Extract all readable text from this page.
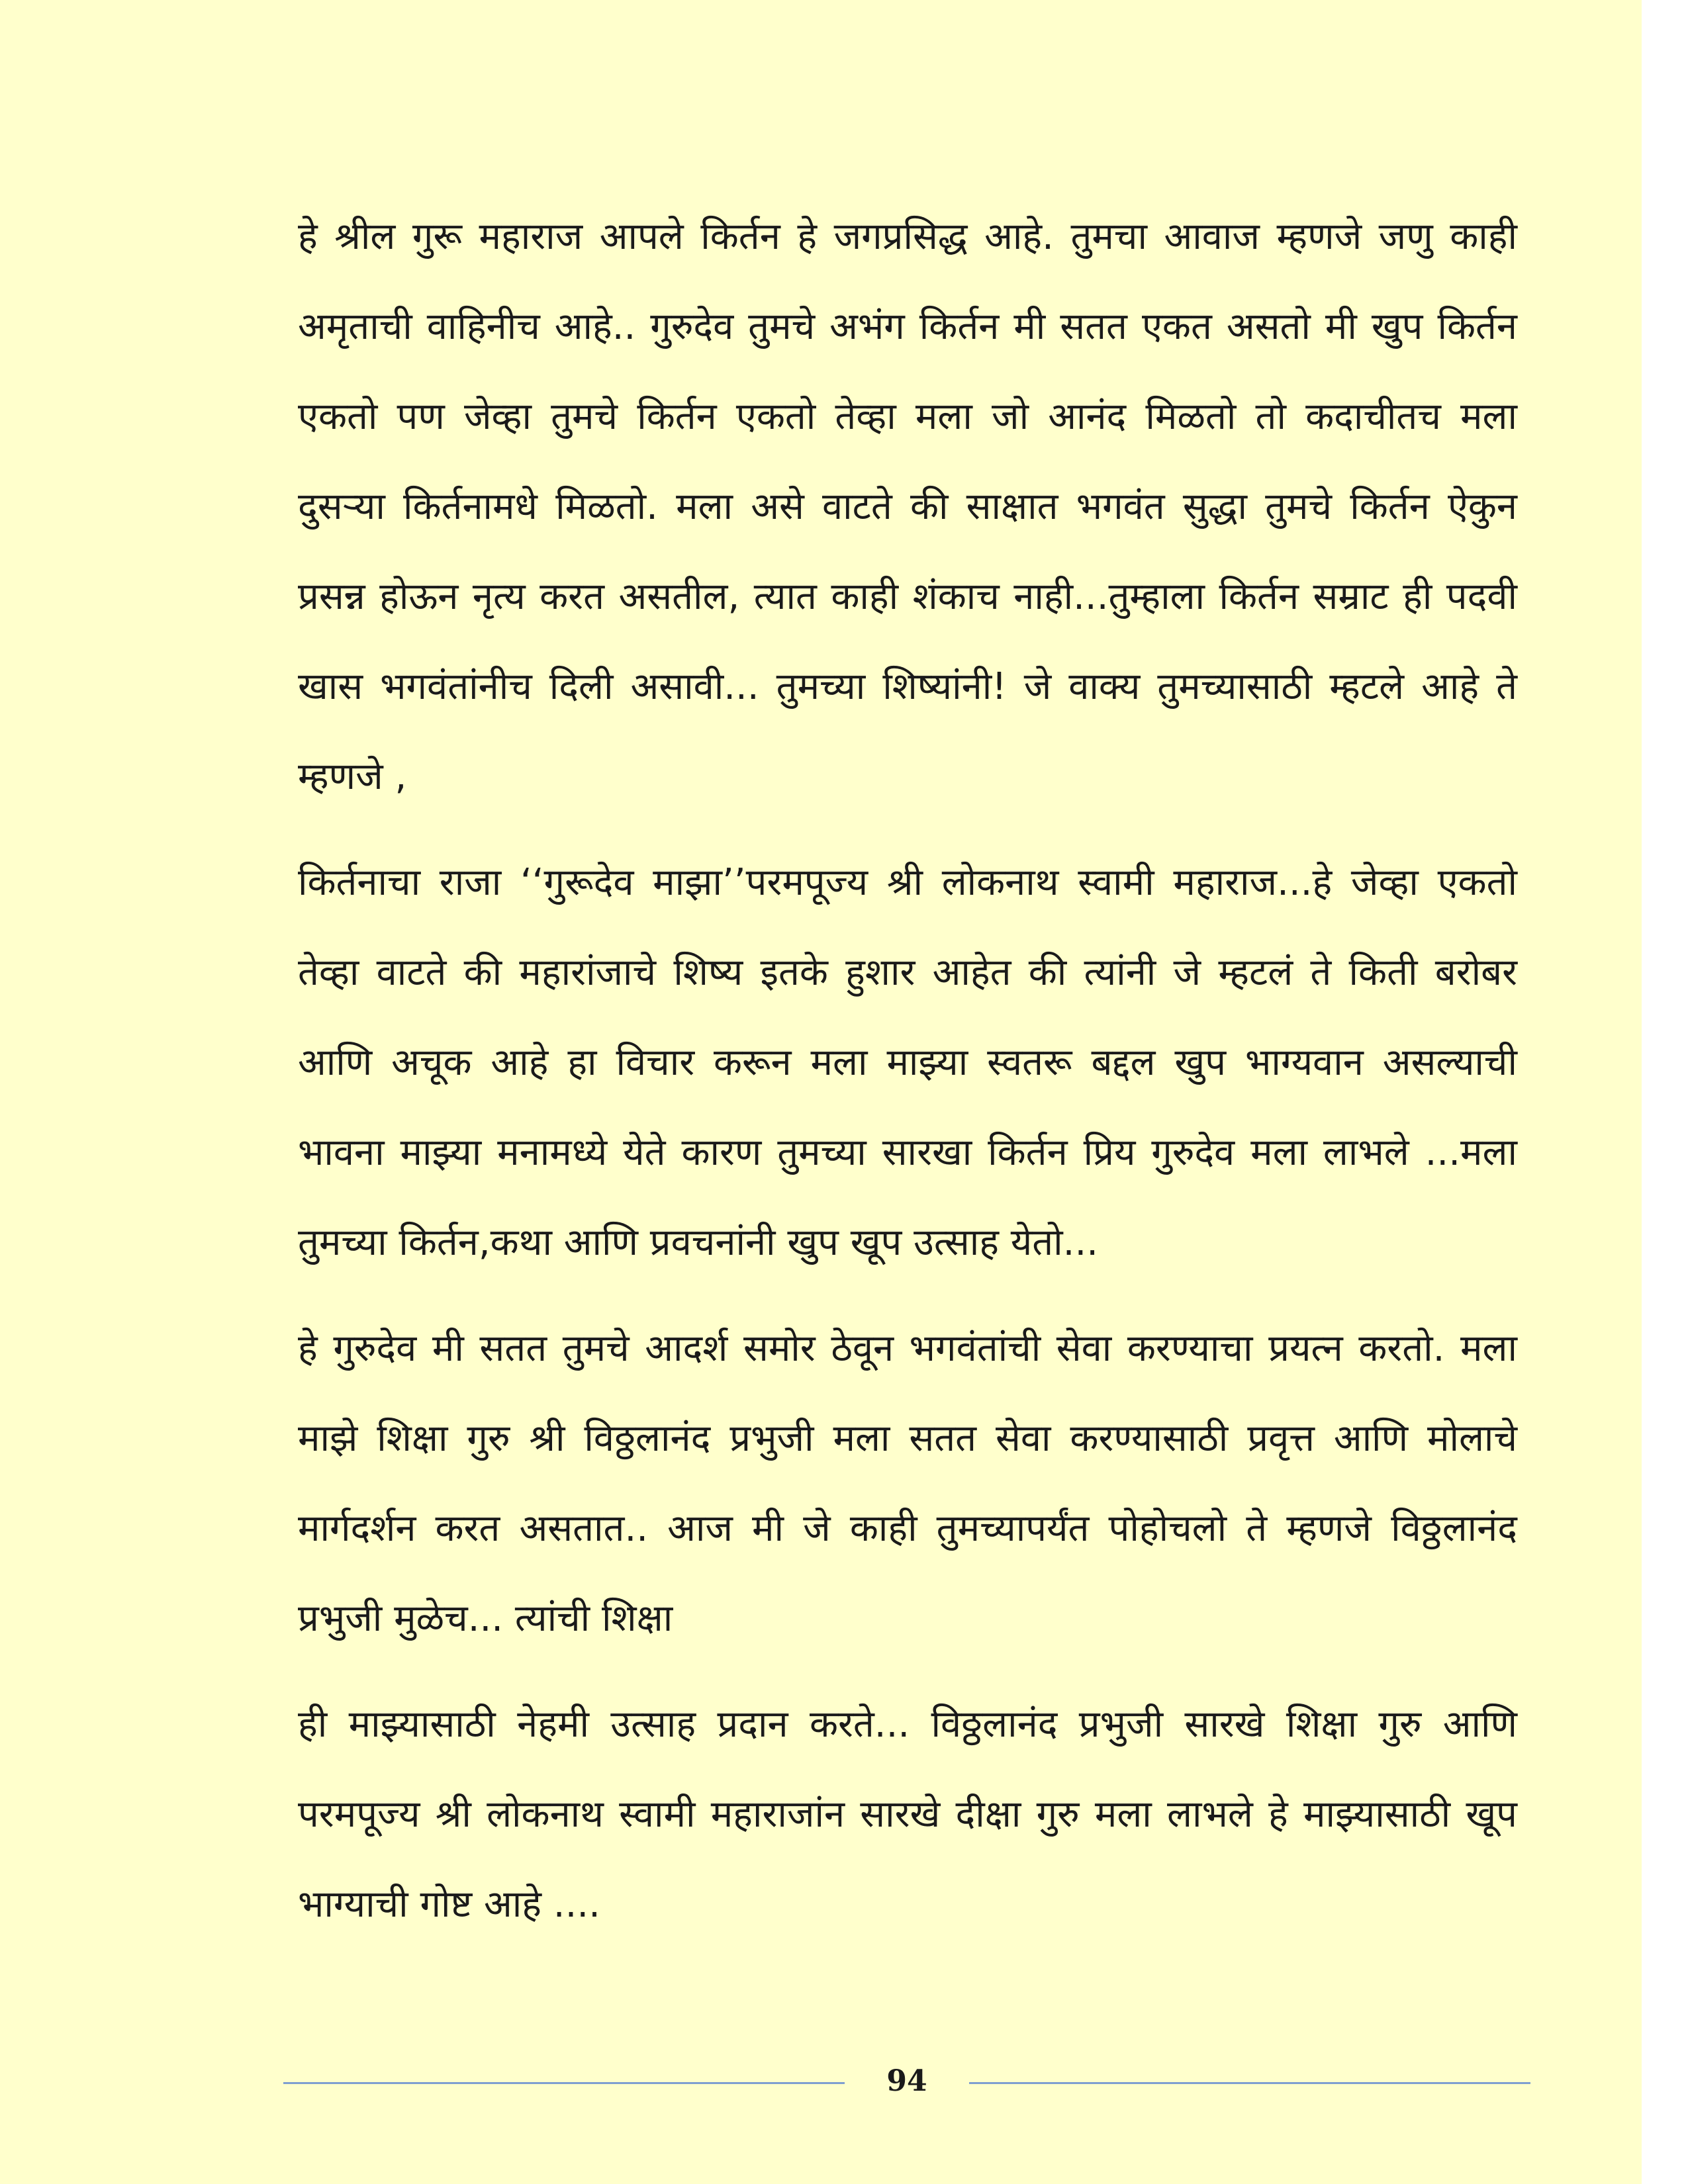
हे श्रील गुरू महाराज आपले किर्तन हे जगप्रसिद्ध आहे. तुमचा आवाज म्हणजे जणु काही अमृताची वाहिनीच आहे.. गुरुदेव तुमचे अभंग किर्तन मी सतत एकत असतो मी खुप किर्तन एकतो पण जेव्हा तुमचे किर्तन एकतो तेव्हा मला जो आनंद मिळतो तो कदाचीतच मला दुसऱ्या किर्तनामधे मिळतो. मला असे वाटते की साक्षात भगवंत सुद्धा तुमचे किर्तन ऐकुन प्रसन्न होऊन नृत्य करत असतील, त्यात काही शंकाच नाही...तुम्हाला किर्तन सम्राट ही पदवी खास भगवंतांनीच दिली असावी... तुमच्या शिष्यांनी! जे वाक्य तुमच्यासाठी म्हटले आहे ते म्हणजे ,

किर्तनाचा राजा ‘‘गुरूदेव माझा’’परमपूज्य श्री लोकनाथ स्वामी महाराज...हे जेव्हा एकतो तेव्हा वाटते की महारांजाचे शिष्य इतके हुशार आहेत की त्यांनी जे म्हटलं ते किती बरोबर आणि अचूक आहे हा विचार करून मला माझ्या स्वतरू बद्दल खुप भाग्यवान असल्याची भावना माझ्या मनामध्ये येते कारण तुमच्या सारखा किर्तन प्रिय गुरुदेव मला लाभले ...मला तुमच्या किर्तन,कथा आणि प्रवचनांनी खुप खूप उत्साह येतो...

हे गुरुदेव मी सतत तुमचे आदर्श समोर ठेवून भगवंतांची सेवा करण्याचा प्रयत्न करतो. मला माझे शिक्षा गुरु श्री विठ्ठलानंद प्रभुजी मला सतत सेवा करण्यासाठी प्रवृत्त आणि मोलाचे मार्गदर्शन करत असतात.. आज मी जे काही तुमच्यापर्यंत पोहोचलो ते म्हणजे विठ्ठलानंद प्रभुजी मुळेच... त्यांची शिक्षा

ही माझ्यासाठी नेहमी उत्साह प्रदान करते... विठ्ठलानंद प्रभुजी सारखे शिक्षा गुरु आणि परमपूज्य श्री लोकनाथ स्वामी महाराजांन सारखे दीक्षा गुरु मला लाभले हे माझ्यासाठी खूप भाग्याची गोष्ट आहे ....

94
